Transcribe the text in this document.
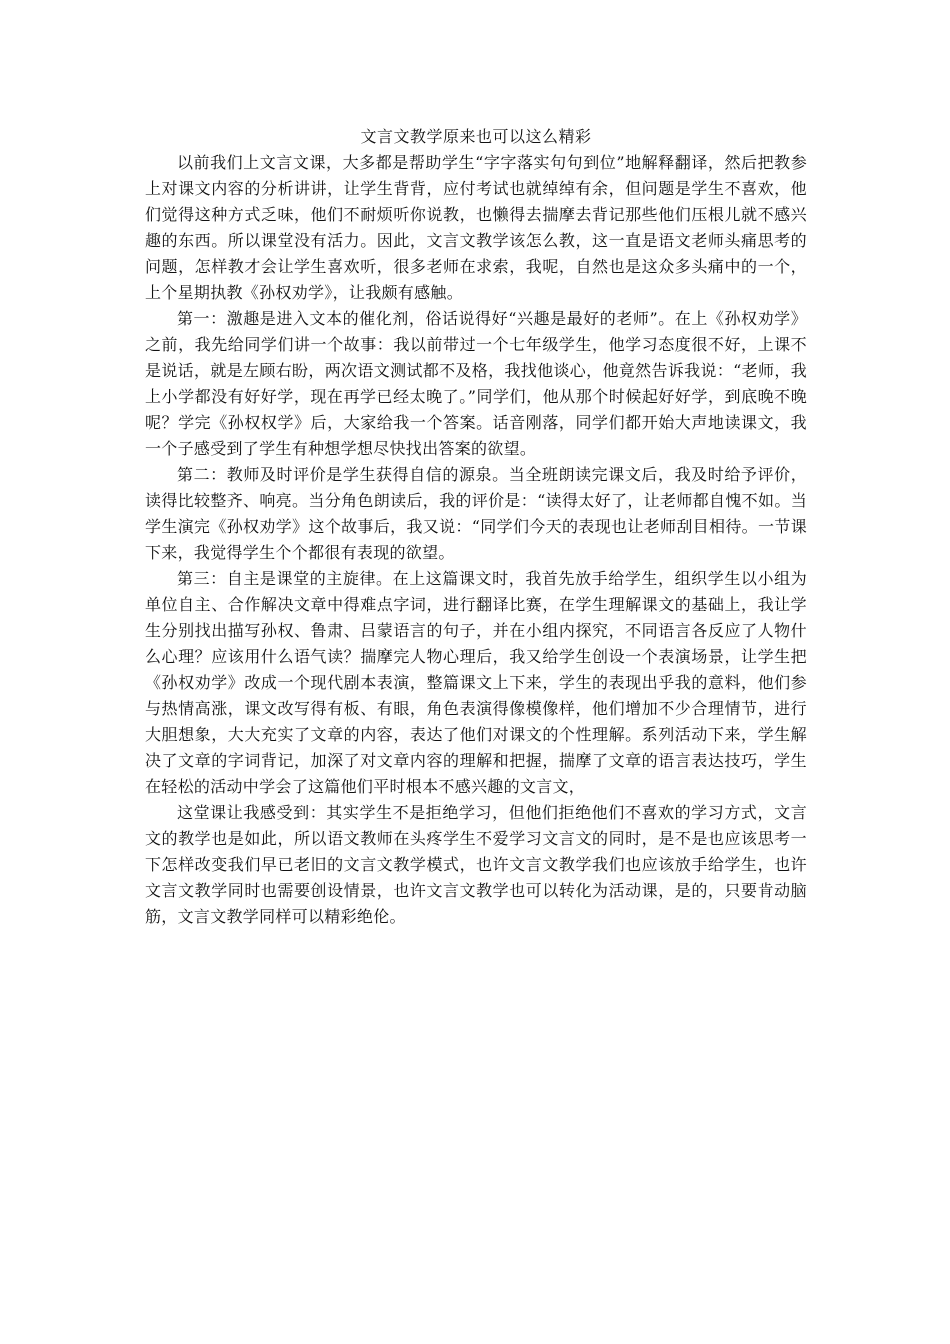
文言文教学原来也可以这么精彩

以前我们上文言文课，大多都是帮助学生“字字落实句句到位”地解释翻译，然后把教参上对课文内容的分析讲讲，让学生背背，应付考试也就绰绰有余，但问题是学生不喜欢，他们觉得这种方式乏味，他们不耐烦听你说教，也懒得去揣摩去背记那些他们压根儿就不感兴趣的东西。所以课堂没有活力。因此，文言文教学该怎么教，这一直是语文老师头痛思考的问题，怎样教才会让学生喜欢听，很多老师在求索，我呢，自然也是这众多头痛中的一个，上个星期执教《孙权劝学》，让我颇有感触。

第一：激趣是进入文本的催化剂，俗话说得好“兴趣是最好的老师”。在上《孙权劝学》之前，我先给同学们讲一个故事：我以前带过一个七年级学生，他学习态度很不好，上课不是说话，就是左顾右盼，两次语文测试都不及格，我找他谈心，他竟然告诉我说：“老师，我上小学都没有好好学，现在再学已经太晚了。”同学们，他从那个时候起好好学，到底晚不晚呢？学完《孙权权学》后，大家给我一个答案。话音刚落，同学们都开始大声地读课文，我一个子感受到了学生有种想学想尽快找出答案的欲望。

第二：教师及时评价是学生获得自信的源泉。当全班朗读完课文后，我及时给予评价，读得比较整齐、响亮。当分角色朗读后，我的评价是：“读得太好了，让老师都自愧不如。当学生演完《孙权劝学》这个故事后，我又说：“同学们今天的表现也让老师刮目相待。一节课下来，我觉得学生个个都很有表现的欲望。

第三：自主是课堂的主旋律。在上这篇课文时，我首先放手给学生，组织学生以小组为单位自主、合作解决文章中得难点字词，进行翻译比赛，在学生理解课文的基础上，我让学生分别找出描写孙权、鲁肃、吕蒙语言的句子，并在小组内探究，不同语言各反应了人物什么心理？应该用什么语气读？揣摩完人物心理后，我又给学生创设一个表演场景，让学生把《孙权劝学》改成一个现代剧本表演，整篇课文上下来，学生的表现出乎我的意料，他们参与热情高涨，课文改写得有板、有眼，角色表演得像模像样，他们增加不少合理情节，进行大胆想象，大大充实了文章的内容，表达了他们对课文的个性理解。系列活动下来，学生解决了文章的字词背记，加深了对文章内容的理解和把握，揣摩了文章的语言表达技巧，学生在轻松的活动中学会了这篇他们平时根本不感兴趣的文言文，

这堂课让我感受到：其实学生不是拒绝学习，但他们拒绝他们不喜欢的学习方式，文言文的教学也是如此，所以语文教师在头疼学生不爱学习文言文的同时，是不是也应该思考一下怎样改变我们早已老旧的文言文教学模式，也许文言文教学我们也应该放手给学生，也许文言文教学同时也需要创设情景，也许文言文教学也可以转化为活动课，是的，只要肯动脑筋，文言文教学同样可以精彩绝伦。
